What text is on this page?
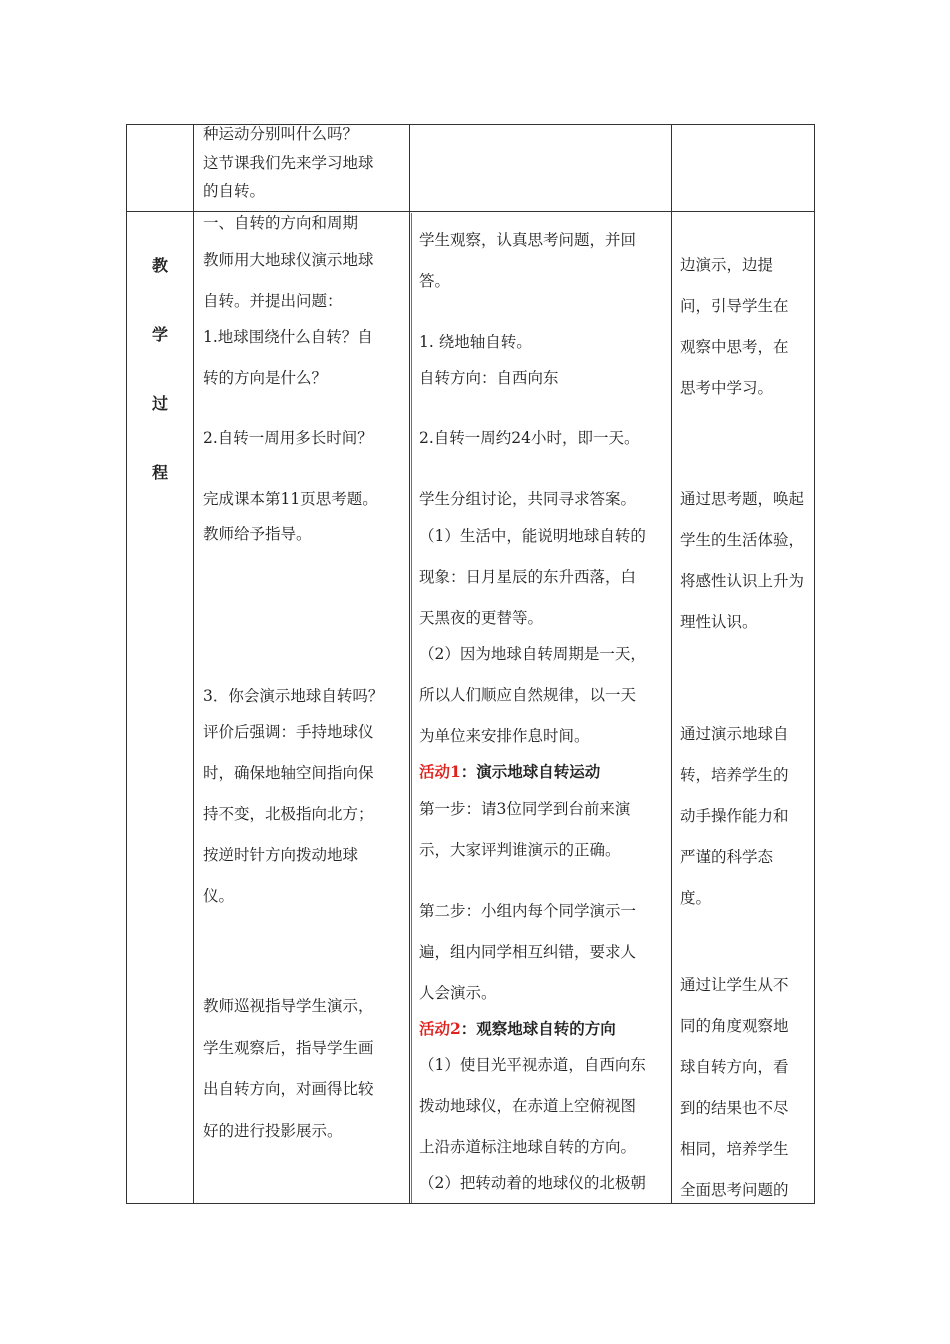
种运动分别叫什么吗？
这节课我们先来学习地球
的自转。
教
学
过
程
一、自转的方向和周期
教师用大地球仪演示地球
自转。并提出问题：
1.地球围绕什么自转？自
转的方向是什么？
2.自转一周用多长时间？
完成课本第11页思考题。
教师给予指导。
3．你会演示地球自转吗？
评价后强调：手持地球仪
时，确保地轴空间指向保
持不变，北极指向北方；
按逆时针方向拨动地球
仪。
教师巡视指导学生演示，
学生观察后，指导学生画
出自转方向，对画得比较
好的进行投影展示。
学生观察，认真思考问题，并回
答。
1. 绕地轴自转。
自转方向：自西向东
2.自转一周约24小时，即一天。
学生分组讨论，共同寻求答案。
（1）生活中，能说明地球自转的
现象：日月星辰的东升西落，白
天黑夜的更替等。
（2）因为地球自转周期是一天，
所以人们顺应自然规律，以一天
为单位来安排作息时间。
活动1：演示地球自转运动
第一步：请3位同学到台前来演
示，大家评判谁演示的正确。
第二步：小组内每个同学演示一
遍，组内同学相互纠错，要求人
人会演示。
活动2：观察地球自转的方向
（1）使目光平视赤道，自西向东
拨动地球仪，在赤道上空俯视图
上沿赤道标注地球自转的方向。
（2）把转动着的地球仪的北极朝
边演示，边提
问，引导学生在
观察中思考，在
思考中学习。
通过思考题，唤起
学生的生活体验，
将感性认识上升为
理性认识。
通过演示地球自
转，培养学生的
动手操作能力和
严谨的科学态
度。
通过让学生从不
同的角度观察地
球自转方向，看
到的结果也不尽
相同，培养学生
全面思考问题的
